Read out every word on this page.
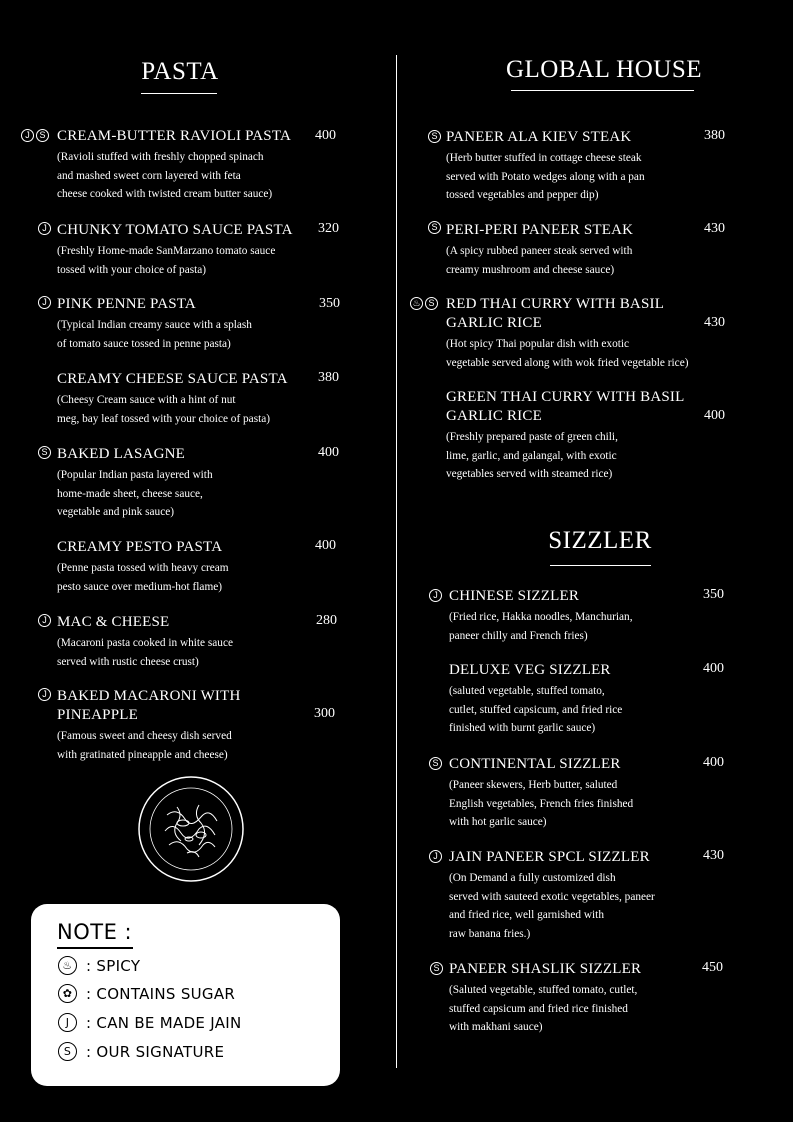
PASTA	GLOBAL HOUSE
SIZZLER
J	S CREAM-BUTTER RAVIOLI PASTA
(Ravioli stuffed with freshly chopped spinach
and mashed sweet corn layered with feta
cheese cooked with twisted cream butter sauce)
400
J CHUNKY TOMATO SAUCE PASTA
(Freshly Home-made SanMarzano tomato sauce
tossed with your choice of pasta)
320
J PINK PENNE PASTA
(Typical Indian creamy sauce with a splash
of tomato sauce tossed in penne pasta)
350
CREAMY CHEESE SAUCE PASTA
(Cheesy Cream sauce with a hint of nut
meg, bay leaf tossed with your choice of pasta)
380
S BAKED LASAGNE
(Popular Indian pasta layered with
home-made sheet, cheese sauce,
vegetable and pink sauce)
400
CREAMY PESTO PASTA
(Penne pasta tossed with heavy cream
pesto sauce over medium-hot flame)
400
J MAC & CHEESE
(Macaroni pasta cooked in white sauce
served with rustic cheese crust)
280
J BAKED MACARONI WITH
PINEAPPLE
(Famous sweet and cheesy dish served
with gratinated pineapple and cheese)
300
NOTE :
♨ : SPICY
✿ : CONTAINS SUGAR
J	: CAN BE MADE JAIN
S : OUR SIGNATURE
S PANEER ALA KIEV STEAK
(Herb butter stuffed in cottage cheese steak
served with Potato wedges along with a pan
tossed vegetables and pepper dip)
380
S PERI-PERI PANEER STEAK
(A spicy rubbed paneer steak served with
creamy mushroom and cheese sauce)
430
♨ S RED THAI CURRY WITH BASIL
GARLIC RICE
(Hot spicy Thai popular dish with exotic
vegetable served along with wok fried vegetable rice)
430
GREEN THAI CURRY WITH BASIL
GARLIC RICE
(Freshly prepared paste of green chili,
lime, garlic, and galangal, with exotic
vegetables served with steamed rice)
400
J CHINESE SIZZLER
(Fried rice, Hakka noodles, Manchurian,
paneer chilly and French fries)
350
DELUXE VEG SIZZLER
(saluted vegetable, stuffed tomato,
cutlet, stuffed capsicum, and fried rice
finished with burnt garlic sauce)
400
S CONTINENTAL SIZZLER
(Paneer skewers, Herb butter, saluted
English vegetables, French fries finished
with hot garlic sauce)
400
J JAIN PANEER SPCL SIZZLER
(On Demand a fully customized dish
served with sauteed exotic vegetables, paneer
and fried rice, well garnished with
raw banana fries.)
430
S PANEER SHASLIK SIZZLER
(Saluted vegetable, stuffed tomato, cutlet,
stuffed capsicum and fried rice finished
with makhani sauce)
450
